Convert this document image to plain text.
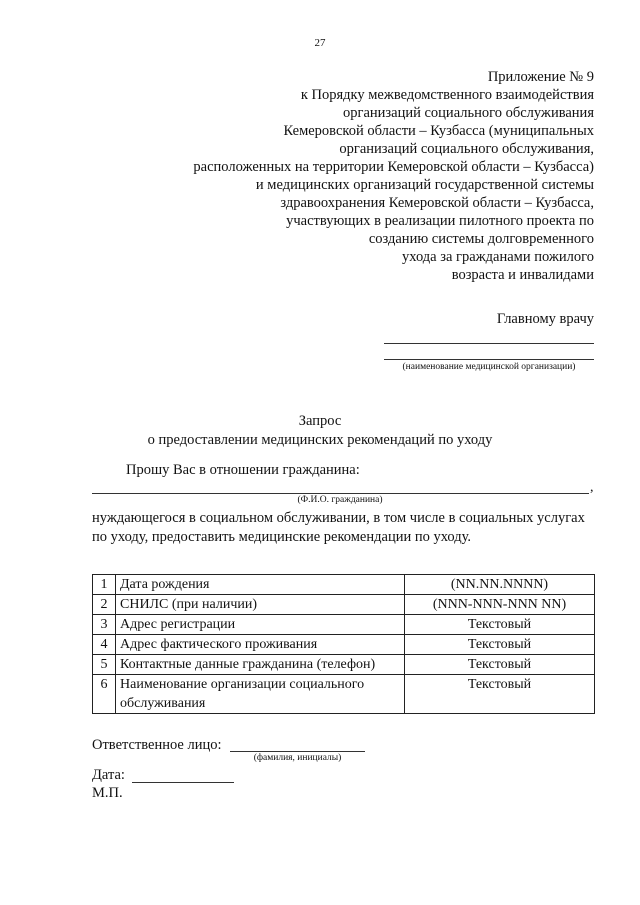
27
Приложение № 9
к Порядку межведомственного взаимодействия
организаций социального обслуживания
Кемеровской области – Кузбасса (муниципальных
организаций социального обслуживания,
расположенных на территории Кемеровской области – Кузбасса)
и медицинских организаций государственной системы
здравоохранения Кемеровской области – Кузбасса,
участвующих в реализации пилотного проекта по
созданию системы долговременного
ухода за гражданами пожилого
возраста и инвалидами
Главному врачу
(наименование медицинской организации)
Запрос
о предоставлении медицинских рекомендаций по уходу
Прошу Вас в отношении гражданина:
,
(Ф.И.О. гражданина)
нуждающегося в социальном обслуживании, в том числе в социальных услугах
по уходу, предоставить медицинские рекомендации по уходу.
1	Дата рождения	(NN.NN.NNNN)
2	СНИЛС (при наличии)	(NNN-NNN-NNN NN)
3	Адрес регистрации	Текстовый
4	Адрес фактического проживания	Текстовый
5	Контактные данные гражданина (телефон)	Текстовый
6	Наименование организации социального обслуживания	Текстовый
Ответственное лицо:
(фамилия, инициалы)
Дата:
М.П.
